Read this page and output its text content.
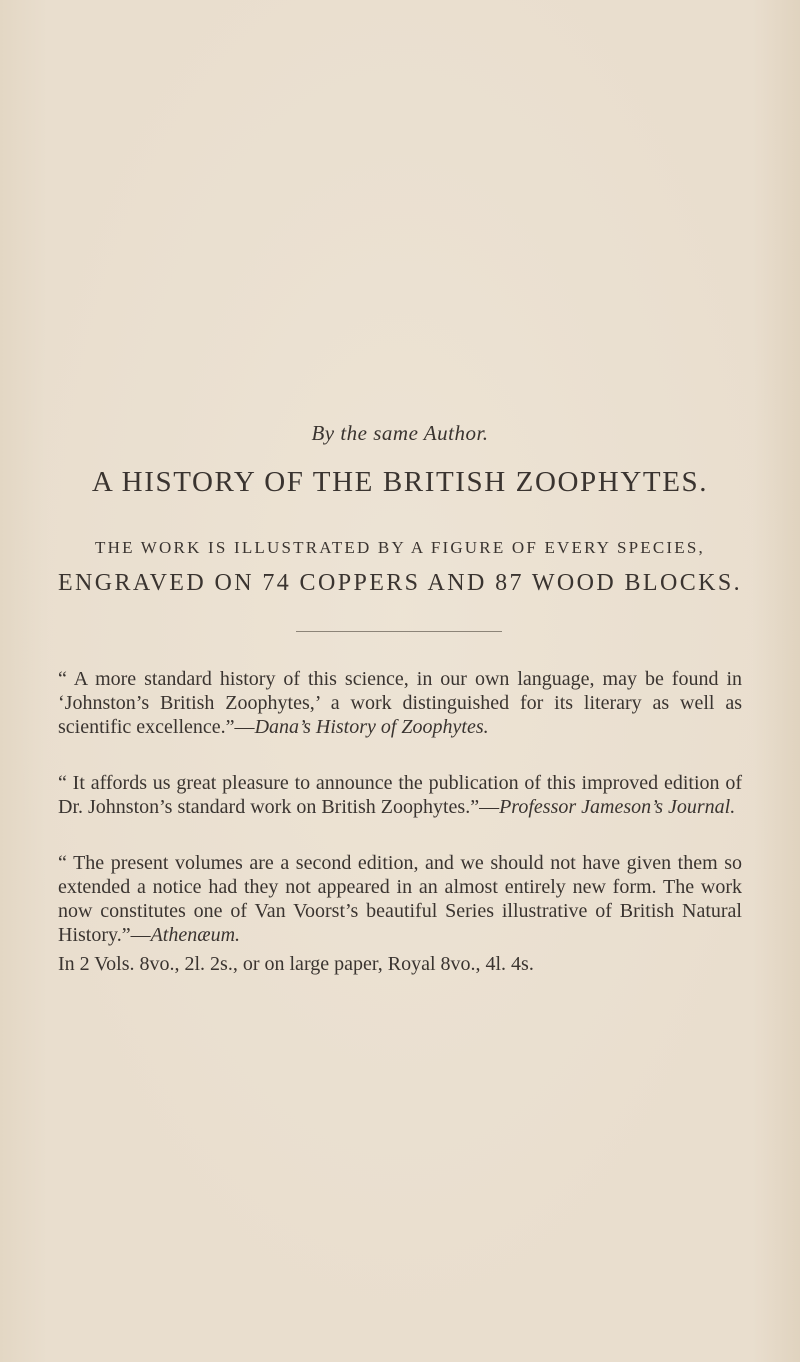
By the same Author.
A HISTORY OF THE BRITISH ZOOPHYTES.
THE WORK IS ILLUSTRATED BY A FIGURE OF EVERY SPECIES,
ENGRAVED ON 74 COPPERS AND 87 WOOD BLOCKS.

“ A more standard history of this science, in our own language, may be found in ‘Johnston’s British Zoophytes,’ a work distinguished for its literary as well as scientific excellence.”—Dana’s History of Zoophytes.

“ It affords us great pleasure to announce the publication of this improved edition of Dr. Johnston’s standard work on British Zoophytes.”—Professor Jameson’s Journal.

“ The present volumes are a second edition, and we should not have given them so extended a notice had they not appeared in an almost entirely new form. The work now constitutes one of Van Voorst’s beautiful Series illustrative of British Natural History.”—Athenæum.

In 2 Vols. 8vo., 2l. 2s., or on large paper, Royal 8vo., 4l. 4s.
